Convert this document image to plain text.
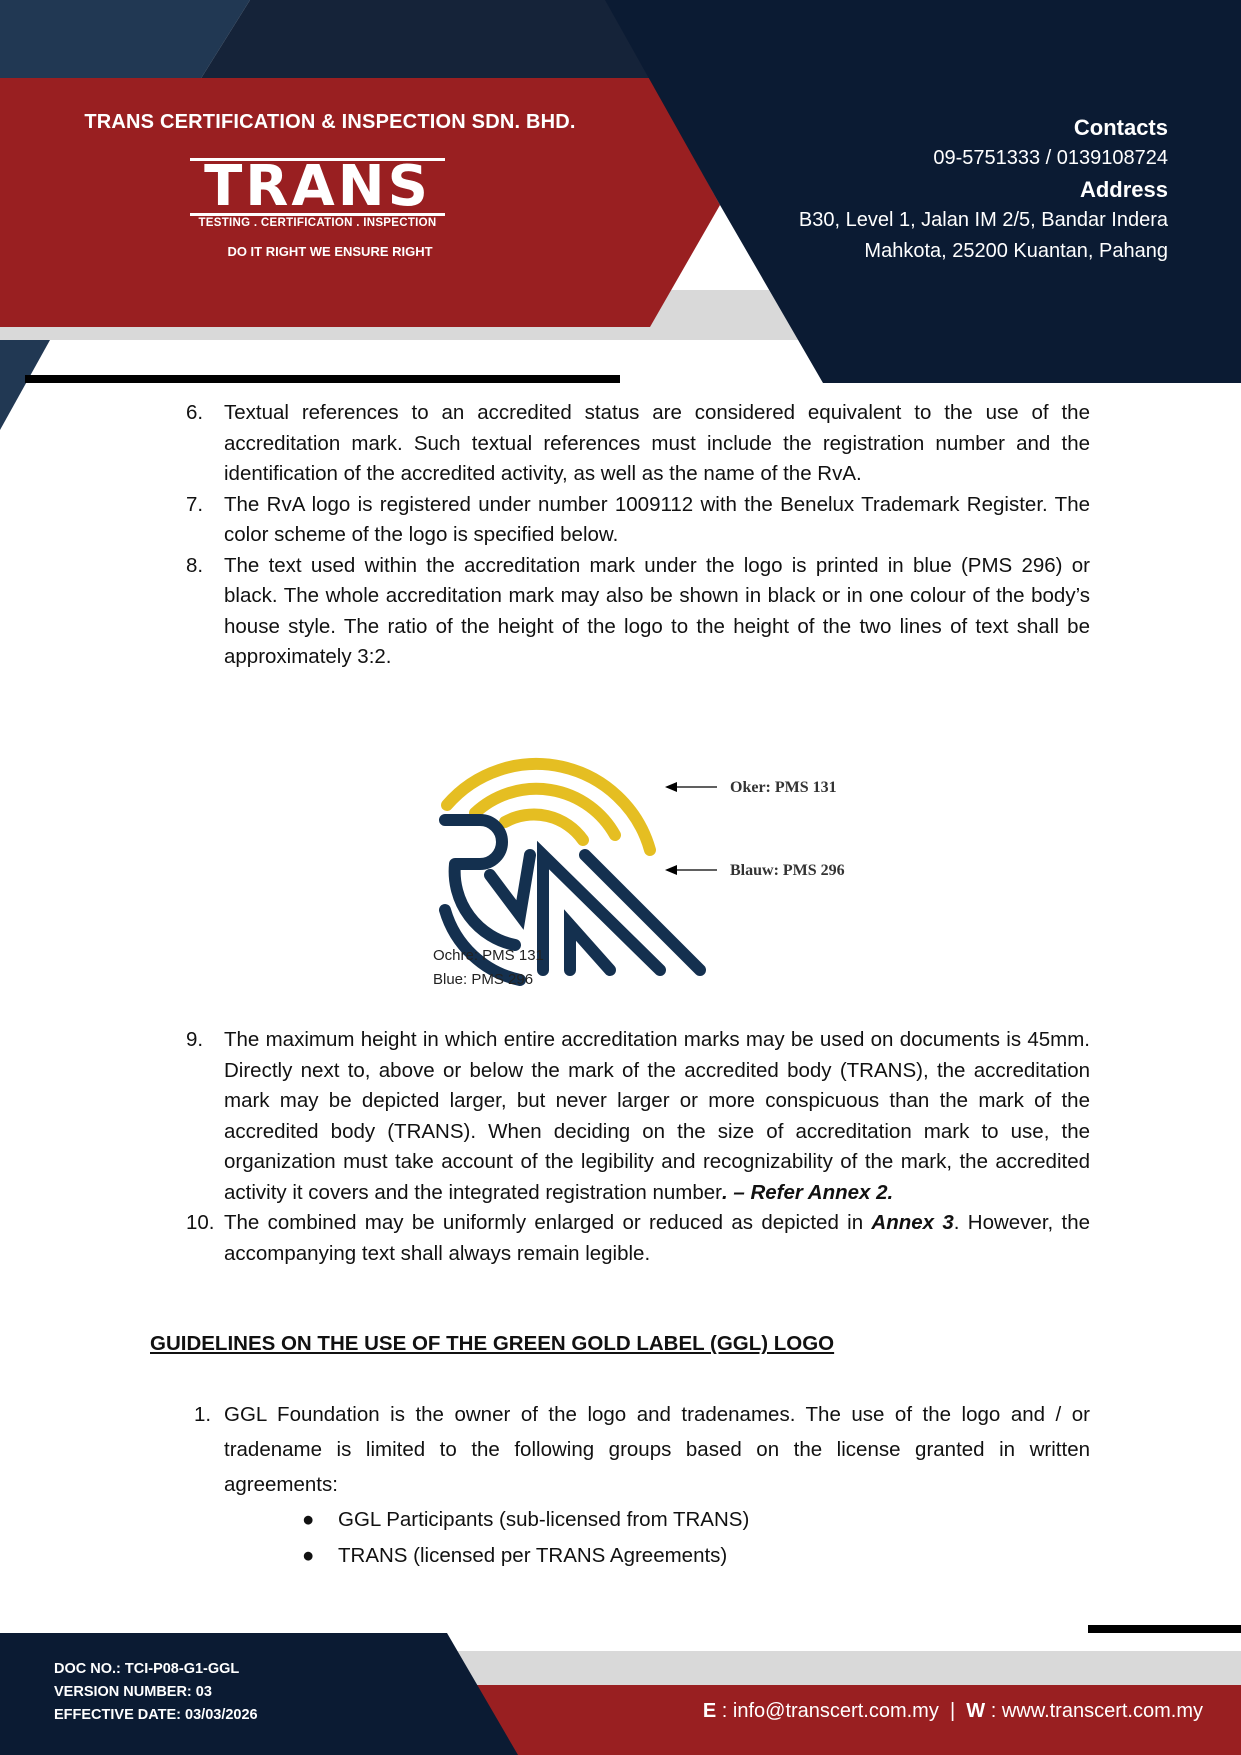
TRANS CERTIFICATION & INSPECTION SDN. BHD.
TRANS
TESTING . CERTIFICATION . INSPECTION
DO IT RIGHT WE ENSURE RIGHT
Contacts
09-5751333 / 0139108724
Address
B30, Level 1, Jalan IM 2/5, Bandar Indera
Mahkota, 25200 Kuantan, Pahang
6. Textual references to an accredited status are considered equivalent to the use of the accreditation mark. Such textual references must include the registration number and the identification of the accredited activity, as well as the name of the RvA.
7. The RvA logo is registered under number 1009112 with the Benelux Trademark Register. The color scheme of the logo is specified below.
8. The text used within the accreditation mark under the logo is printed in blue (PMS 296) or black. The whole accreditation mark may also be shown in black or in one colour of the body’s house style. The ratio of the height of the logo to the height of the two lines of text shall be approximately 3:2.
Oker: PMS 131
Blauw: PMS 296
Ochre: PMS 131
Blue: PMS 296
9. The maximum height in which entire accreditation marks may be used on documents is 45mm. Directly next to, above or below the mark of the accredited body (TRANS), the accreditation mark may be depicted larger, but never larger or more conspicuous than the mark of the accredited body (TRANS). When deciding on the size of accreditation mark to use, the organization must take account of the legibility and recognizability of the mark, the accredited activity it covers and the integrated registration number. – Refer Annex 2.
10. The combined may be uniformly enlarged or reduced as depicted in Annex 3. However, the accompanying text shall always remain legible.
GUIDELINES ON THE USE OF THE GREEN GOLD LABEL (GGL) LOGO
1. GGL Foundation is the owner of the logo and tradenames. The use of the logo and / or tradename is limited to the following groups based on the license granted in written agreements:
● GGL Participants (sub-licensed from TRANS)
● TRANS (licensed per TRANS Agreements)
DOC NO.: TCI-P08-G1-GGL
VERSION NUMBER: 03
EFFECTIVE DATE: 03/03/2026	E : info@transcert.com.my | W : www.transcert.com.my
